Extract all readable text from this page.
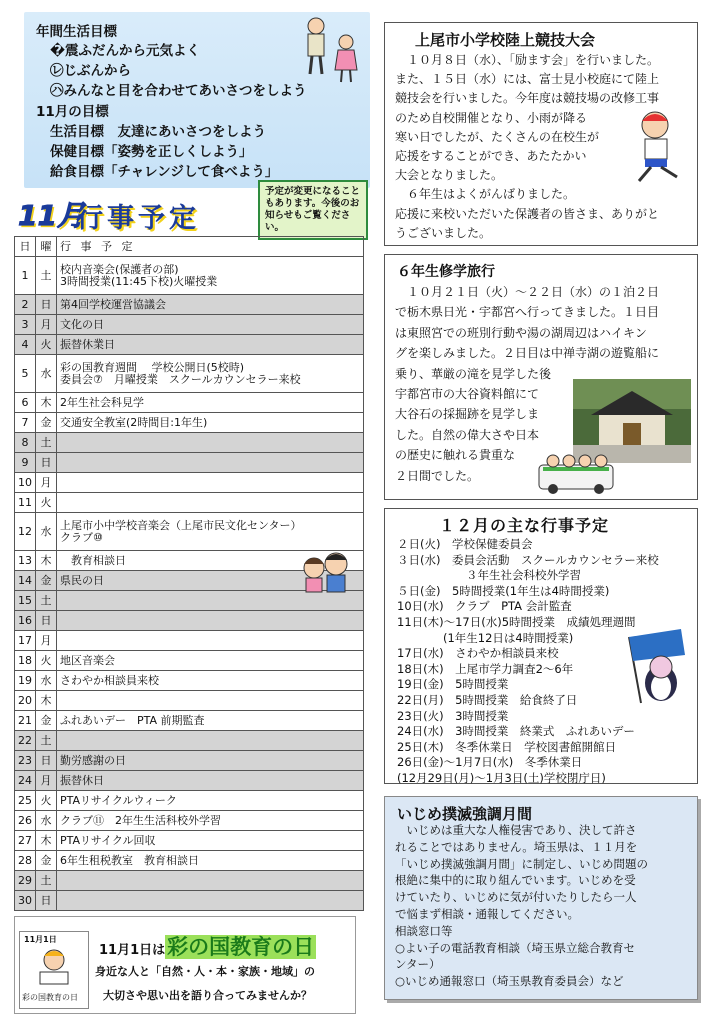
年間生活目標
�震ふだんから元気よく
㋹じぶんから
㋩みんなと目を合わせてあいさつをしよう
11月の目標
生活目標　友達にあいさつをしよう
保健目標「姿勢を正しくしよう」
給食目標「チャレンジして食べよう」
11月
行事予定
予定が変更になることもあります。今後のお知らせもご覧ください。
日	曜	行 事 予 定
1	土	校内音楽会(保護者の部)
3時間授業(11:45下校)火曜授業
2	日	第4回学校運営協議会
3	月	文化の日
4	火	振替休業日
5	水	彩の国教育週間　 学校公開日(5校時)
委員会⑦　月曜授業　スクールカウンセラー来校
6	木	2年生社会科見学
7	金	交通安全教室(2時間目:1年生)
8	土	
9	日	
10	月	
11	火	
12	水	上尾市小中学校音楽会（上尾市民文化センター）
クラブ⑩
13	木	　教育相談日
14	金	県民の日
15	土	
16	日	
17	月	
18	火	地区音楽会
19	水	さわやか相談員来校
20	木	
21	金	ふれあいデー　PTA 前期監査
22	土	
23	日	勤労感謝の日
24	月	振替休日
25	火	PTAリサイクルウィーク
26	水	クラブ⑪　2年生生活科校外学習
27	木	PTAリサイクル回収
28	金	6年生租税教室　教育相談日
29	土	
30	日	
11月1日
彩の国教育の日
11月1日は彩の国教育の日
身近な人と「自然・人・本・家族・地域」の
大切さや思い出を語り合ってみませんか？
上尾市小学校陸上競技大会
　１０月８日（水）、「励ます会」を行いました。
また、１５日（水）には、富士見小校庭にて陸上
競技会を行いました。今年度は競技場の改修工事
のため自校開催となり、小雨が降る
寒い日でしたが、たくさんの在校生が
応援をすることができ、あたたかい
大会となりました。
　６年生はよくがんばりました。
応援に来校いただいた保護者の皆さま、ありがと
うございました。
６年生修学旅行
　１０月２１日（火）～２２日（水）の１泊２日
で栃木県日光・宇都宮へ行ってきました。１日目
は東照宮での班別行動や湯の湖周辺はハイキン
グを楽しみました。２日目は中禅寺湖の遊覧船に
乗り、華厳の滝を見学した後
宇都宮市の大谷資料館にて
大谷石の採掘跡を見学しま
した。自然の偉大さや日本
の歴史に触れる貴重な
２日間でした。
１２月の主な行事予定
２日(火)　学校保健委員会
３日(水)　委員会活動　スクールカウンセラー来校
　　　　　　３年生社会科校外学習
５日(金)　5時間授業(1年生は4時間授業)
10日(水)　クラブ　PTA 会計監査
11日(木)～17日(水)5時間授業　成績処理週間
　　　　(1年生12日は4時間授業)
17日(水)　さわやか相談員来校
18日(木)　上尾市学力調査2～6年
19日(金)　5時間授業
22日(月)　5時間授業　給食終了日
23日(火)　3時間授業
24日(水)　3時間授業　終業式　ふれあいデー
25日(木)　冬季休業日　学校図書館開館日
26日(金)～1月7日(水)　冬季休業日
(12月29日(月)～1月3日(土)学校閉庁日)
いじめ撲滅強調月間
　いじめは重大な人権侵害であり、決して許さ
れることではありません。埼玉県は、１１月を
「いじめ撲滅強調月間」に制定し、いじめ問題の
根絶に集中的に取り組んでいます。いじめを受
けていたり、いじめに気が付いたりしたら一人
で悩まず相談・通報してください。
相談窓口等
○よい子の電話教育相談（埼玉県立総合教育セ
ンター）
○いじめ通報窓口（埼玉県教育委員会）など
